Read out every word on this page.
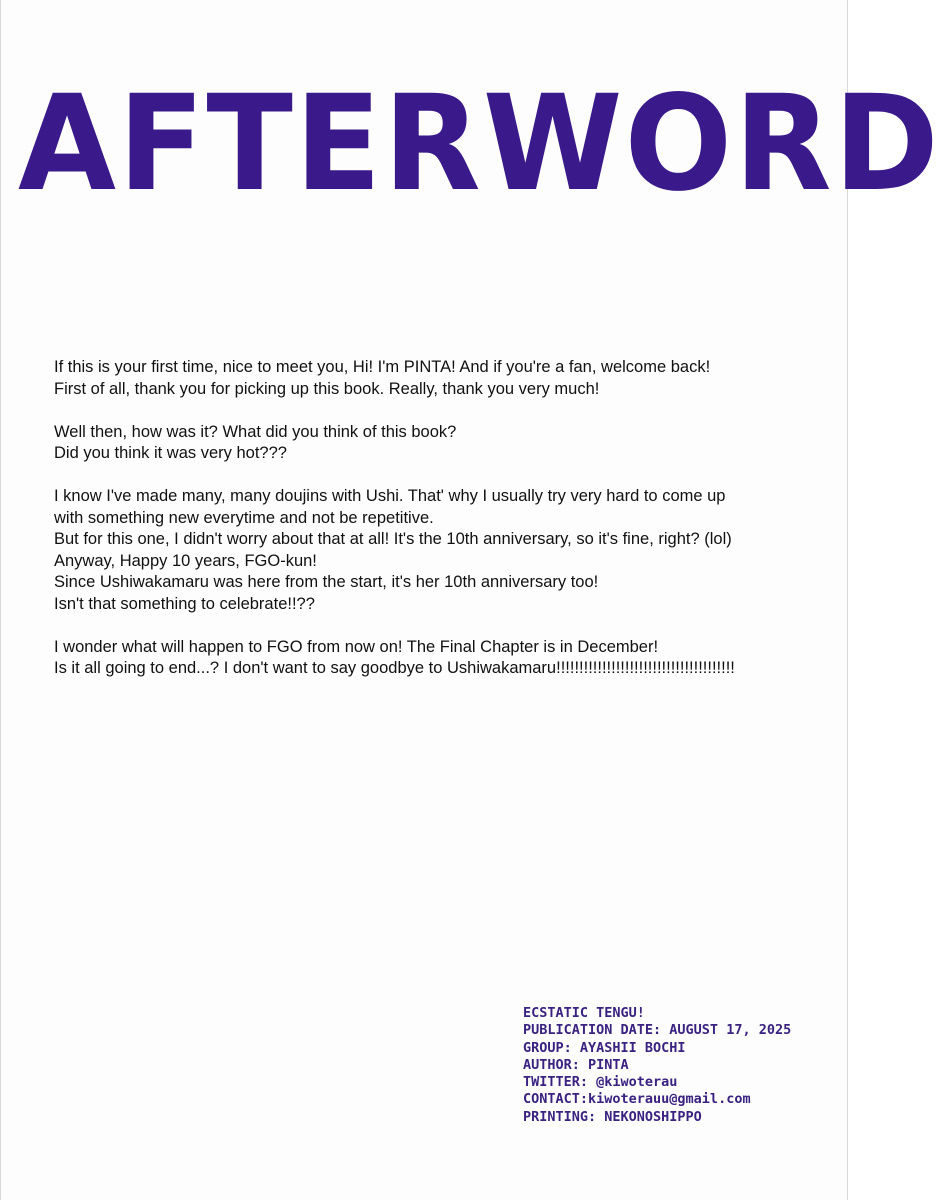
AFTERWORD
If this is your first time, nice to meet you, Hi! I'm PINTA! And if you're a fan, welcome back!
First of all, thank you for picking up this book. Really, thank you very much!
Well then, how was it? What did you think of this book?
Did you think it was very hot???
I know I've made many, many doujins with Ushi. That' why I usually try very hard to come up
with something new everytime and not be repetitive.
But for this one, I didn't worry about that at all! It's the 10th anniversary, so it's fine, right? (lol)
Anyway, Happy 10 years, FGO-kun!
Since Ushiwakamaru was here from the start, it's her 10th anniversary too!
Isn't that something to celebrate!!??
I wonder what will happen to FGO from now on! The Final Chapter is in December!
Is it all going to end...? I don't want to say goodbye to Ushiwakamaru!!!!!!!!!!!!!!!!!!!!!!!!!!!!!!!!!!!!!!!
ECSTATIC TENGU!
PUBLICATION DATE: AUGUST 17, 2025
GROUP: AYASHII BOCHI
AUTHOR: PINTA
TWITTER: @kiwoterau
CONTACT:kiwoterauu@gmail.com
PRINTING: NEKONOSHIPPO
